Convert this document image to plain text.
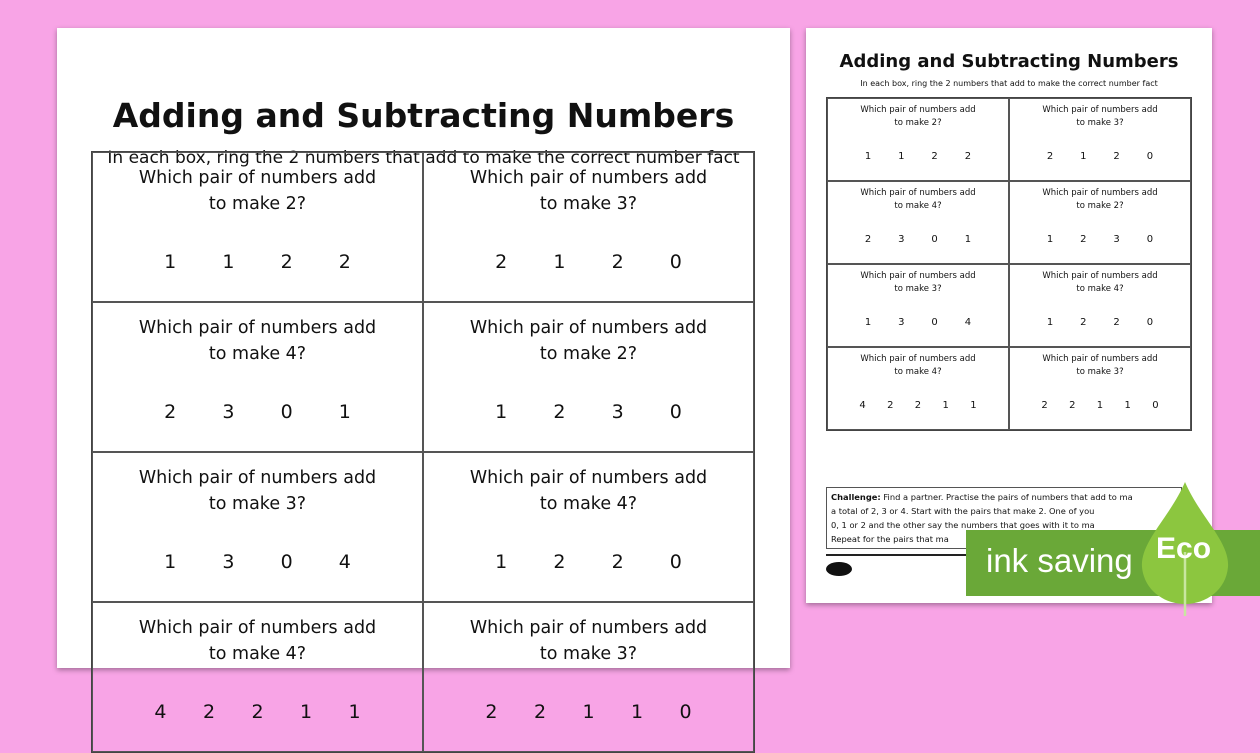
Adding and Subtracting Numbers
In each box, ring the 2 numbers that add to make the correct number fact
Which pair of numbers add
to make 2?
1 1 2 2
Which pair of numbers add
to make 3?
2 1 2 0
Which pair of numbers add
to make 4?
2 3 0 1
Which pair of numbers add
to make 2?
1 2 3 0
Which pair of numbers add
to make 3?
1 3 0 4
Which pair of numbers add
to make 4?
1 2 2 0
Which pair of numbers add
to make 4?
4 2 2 1 1
Which pair of numbers add
to make 3?
2 2 1 1 0
Adding and Subtracting Numbers
In each box, ring the 2 numbers that add to make the correct number fact
Which pair of numbers add
to make 2?
1	1	2	2
Which pair of numbers add
to make 3?
2	1	2	0
Which pair of numbers add
to make 4?
2	3	0	1
Which pair of numbers add
to make 2?
1	2	3	0
Which pair of numbers add
to make 3?
1	3	0	4
Which pair of numbers add
to make 4?
1	2	2	0
Which pair of numbers add
to make 4?
4 2 2 1 1
Which pair of numbers add
to make 3?
2 2 1 1 0
Challenge: Find a partner. Practise the pairs of numbers that add to ma
a total of 2, 3 or 4. Start with the pairs that make 2. One of you
0, 1 or 2 and the other say the numbers that goes with it to ma
Repeat for the pairs that ma
ink saving Eco
